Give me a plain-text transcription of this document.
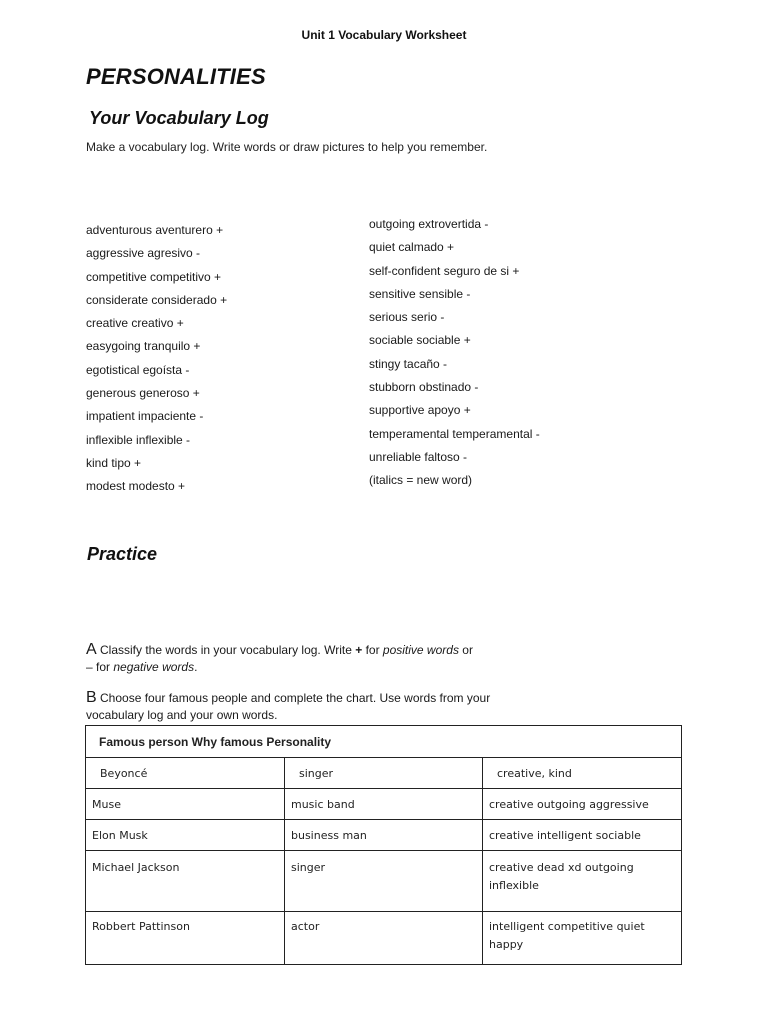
Unit 1 Vocabulary Worksheet
PERSONALITIES
Your Vocabulary Log
Make a vocabulary log. Write words or draw pictures to help you remember.
adventurous aventurero +
aggressive agresivo -
competitive competitivo +
considerate considerado +
creative creativo +
easygoing tranquilo +
egotistical egoísta -
generous generoso +
impatient impaciente -
inflexible inflexible -
kind tipo +
modest modesto +
outgoing extrovertida -
quiet calmado +
self-confident seguro de si +
sensitive sensible -
serious serio -
sociable sociable +
stingy tacaño -
stubborn obstinado -
supportive apoyo +
temperamental temperamental -
unreliable faltoso -
(italics = new word)
Practice
A Classify the words in your vocabulary log. Write + for positive words or
– for negative words.
B Choose four famous people and complete the chart. Use words from your vocabulary log and your own words.
Famous person Why famous Personality		
Beyoncé	singer	creative, kind
Muse	music band	creative outgoing aggressive
Elon Musk	business man	creative intelligent sociable
Michael Jackson	singer	creative dead xd outgoing inflexible
Robbert Pattinson	actor	intelligent competitive quiet happy
